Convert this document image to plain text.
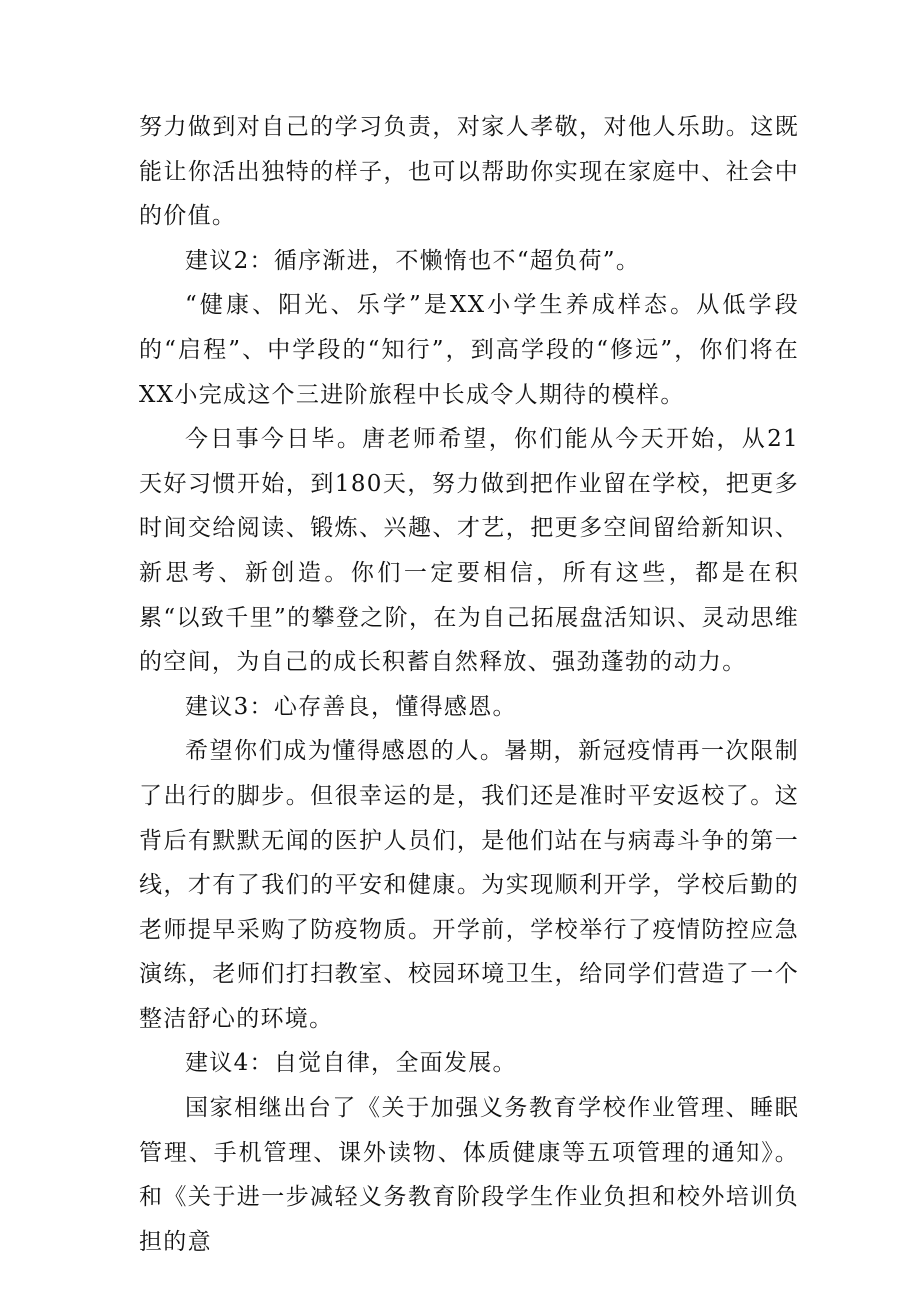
努力做到对自己的学习负责，对家人孝敬，对他人乐助。这既能让你活出独特的样子，也可以帮助你实现在家庭中、社会中的价值。

建议2：循序渐进，不懒惰也不“超负荷”。

“健康、阳光、乐学”是XX小学生养成样态。从低学段的“启程”、中学段的“知行”，到高学段的“修远”，你们将在XX小完成这个三进阶旅程中长成令人期待的模样。

今日事今日毕。唐老师希望，你们能从今天开始，从21天好习惯开始，到180天，努力做到把作业留在学校，把更多时间交给阅读、锻炼、兴趣、才艺，把更多空间留给新知识、新思考、新创造。你们一定要相信，所有这些，都是在积累“以致千里”的攀登之阶，在为自己拓展盘活知识、灵动思维的空间，为自己的成长积蓄自然释放、强劲蓬勃的动力。

建议3：心存善良，懂得感恩。

希望你们成为懂得感恩的人。暑期，新冠疫情再一次限制了出行的脚步。但很幸运的是，我们还是准时平安返校了。这背后有默默无闻的医护人员们，是他们站在与病毒斗争的第一线，才有了我们的平安和健康。为实现顺利开学，学校后勤的老师提早采购了防疫物质。开学前，学校举行了疫情防控应急演练，老师们打扫教室、校园环境卫生，给同学们营造了一个整洁舒心的环境。

建议4：自觉自律，全面发展。

国家相继出台了《关于加强义务教育学校作业管理、睡眠管理、手机管理、课外读物、体质健康等五项管理的通知》。和《关于进一步减轻义务教育阶段学生作业负担和校外培训负担的意
